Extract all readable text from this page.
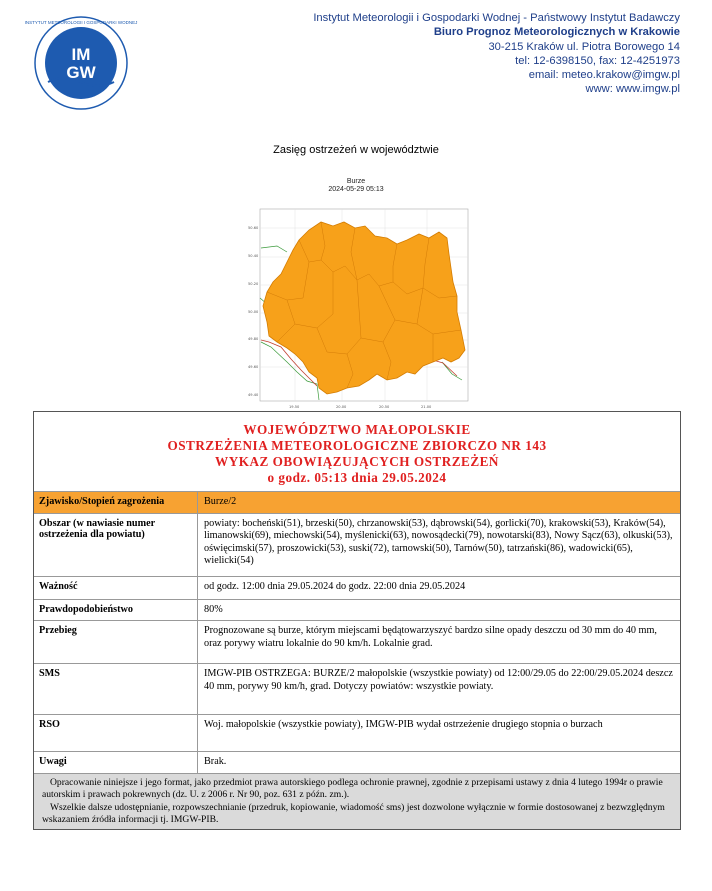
IM
GW
INSTYTUT METEOROLOGII I GOSPODARKI WODNEJ	Instytut Meteorologii i Gospodarki Wodnej - Państwowy Instytut Badawczy
Biuro Prognoz Meteorologicznych w Krakowie
30-215 Kraków ul. Piotra Borowego 14
tel: 12-6398150, fax: 12-4251973
email: meteo.krakow@imgw.pl
www: www.imgw.pl
Zasięg ostrzeżeń w województwie
Burze
2024-05-29 05:13
50.60
50.40
50.20
50.00
49.80
49.60
49.40
19.50	20.00	20.50	21.00
WOJEWÓDZTWO MAŁOPOLSKIE
OSTRZEŻENIA METEOROLOGICZNE ZBIORCZO NR 143
WYKAZ OBOWIĄZUJĄCYCH OSTRZEŻEŃ
o godz. 05:13 dnia 29.05.2024
Zjawisko/Stopień zagrożenia	Burze/2
Obszar (w nawiasie numer ostrzeżenia dla powiatu)
powiaty: bocheński(51), brzeski(50), chrzanowski(53), dąbrowski(54), gorlicki(70), krakowski(53), Kraków(54), limanowski(69), miechowski(54), myślenicki(63), nowosądecki(79), nowotarski(83), Nowy Sącz(63), olkuski(53), oświęcimski(57), proszowicki(53), suski(72), tarnowski(50), Tarnów(50), tatrzański(86), wadowicki(65), wielicki(54)
Ważność	od godz. 12:00 dnia 29.05.2024 do godz. 22:00 dnia 29.05.2024
Prawdopodobieństwo	80%
Przebieg	Prognozowane są burze, którym miejscami będątowarzyszyć bardzo silne opady deszczu od 30 mm do 40 mm, oraz porywy wiatru lokalnie do 90 km/h. Lokalnie grad.
SMS	IMGW-PIB OSTRZEGA: BURZE/2 małopolskie (wszystkie powiaty) od 12:00/29.05 do 22:00/29.05.2024 deszcz 40 mm, porywy 90 km/h, grad. Dotyczy powiatów: wszystkie powiaty.
RSO	Woj. małopolskie (wszystkie powiaty), IMGW-PIB wydał ostrzeżenie drugiego stopnia o burzach
Uwagi	Brak.

Opracowanie niniejsze i jego format, jako przedmiot prawa autorskiego podlega ochronie prawnej, zgodnie z przepisami ustawy z dnia 4 lutego 1994r o prawie autorskim i prawach pokrewnych (dz. U. z 2006 r. Nr 90, poz. 631 z późn. zm.).

Wszelkie dalsze udostępnianie, rozpowszechnianie (przedruk, kopiowanie, wiadomość sms) jest dozwolone wyłącznie w formie dostosowanej z bezwzględnym wskazaniem źródła informacji tj. IMGW-PIB.
